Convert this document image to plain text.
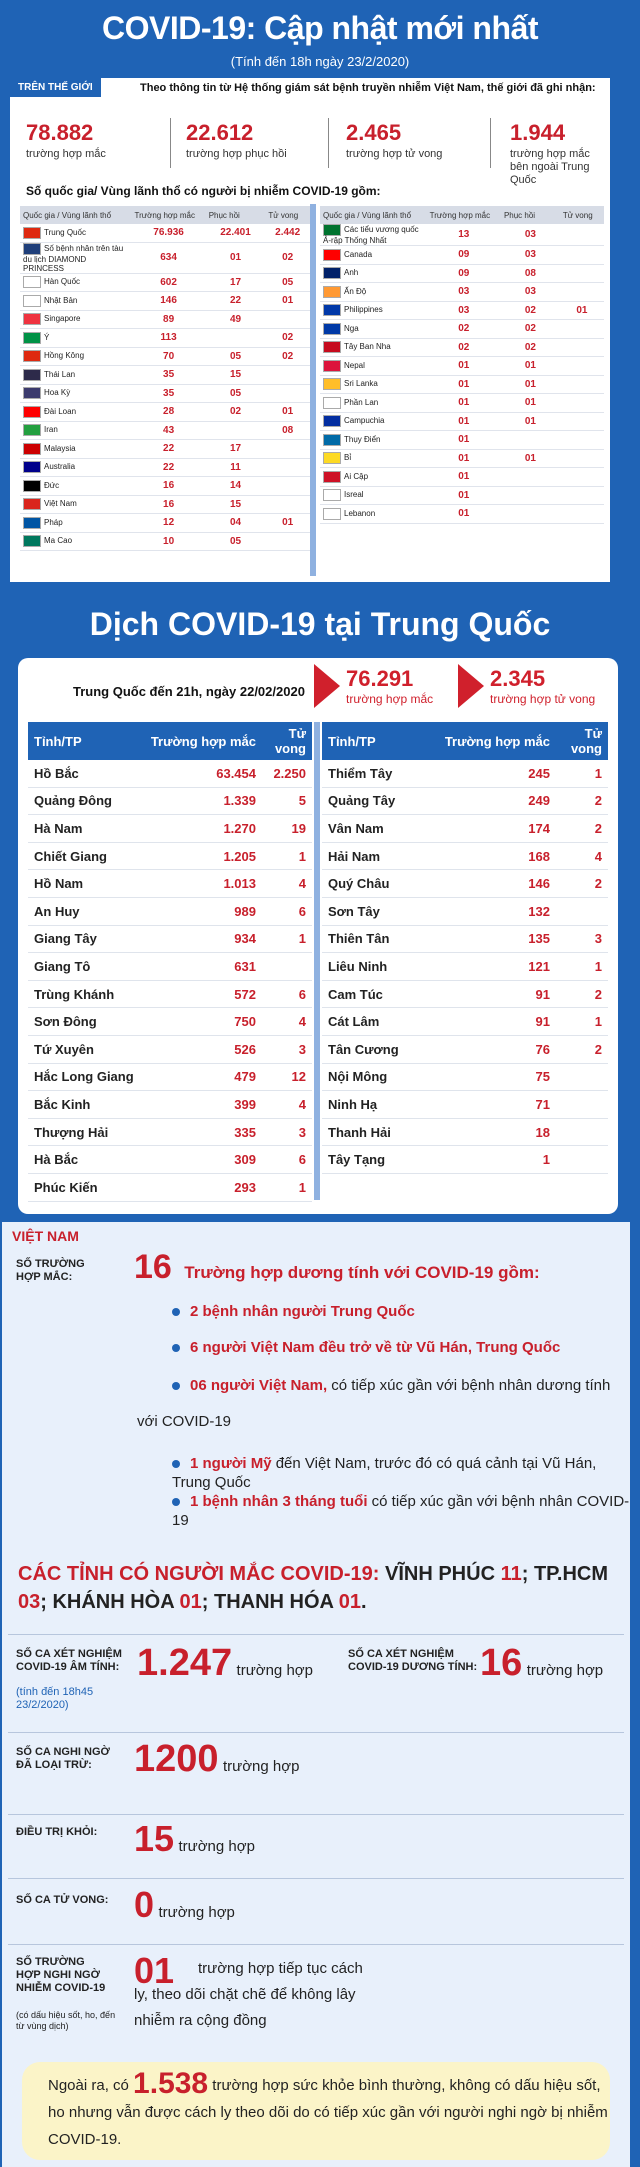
COVID-19: Cập nhật mới nhất
(Tính đến 18h ngày 23/2/2020)
TRÊN THẾ GIỚI	Theo thông tin từ Hệ thống giám sát bệnh truyền nhiễm Việt Nam, thế giới đã ghi nhận:
78.882
trường hợp mắc
22.612
trường hợp phục hồi
2.465
trường hợp tử vong
1.944
trường hợp mắc bên ngoài Trung Quốc
Số quốc gia/ Vùng lãnh thổ có người bị nhiễm COVID-19 gồm:
Quốc gia / Vùng lãnh thổ	Trường hợp mắc	Phục hồi	Tử vong
Trung Quốc	76.936	22.401	2.442
Số bệnh nhân trên tàu du lịch DIAMOND PRINCESS	634	01	02
Hàn Quốc	602	17	05
Nhật Bản	146	22	01
Singapore	89	49	
Ý	113		02
Hồng Kông	70	05	02
Thái Lan	35	15	
Hoa Kỳ	35	05	
Đài Loan	28	02	01
Iran	43		08
Malaysia	22	17	
Australia	22	11	
Đức	16	14	
Việt Nam	16	15	
Pháp	12	04	01
Ma Cao	10	05	
Quốc gia / Vùng lãnh thổ	Trường hợp mắc	Phục hồi	Tử vong
Các tiểu vương quốc Ả-rập Thống Nhất	13	03	
Canada	09	03	
Anh	09	08	
Ấn Độ	03	03	
Philippines	03	02	01
Nga	02	02	
Tây Ban Nha	02	02	
Nepal	01	01	
Sri Lanka	01	01	
Phần Lan	01	01	
Campuchia	01	01	
Thụy Điển	01		
Bỉ	01	01	
Ai Cập	01		
Isreal	01		
Lebanon	01		
Dịch COVID-19 tại Trung Quốc
Trung Quốc đến 21h, ngày 22/02/2020
76.291
trường hợp mắc
2.345
trường hợp tử vong
Tỉnh/TP	Trường hợp mắc	Tử vong
Hồ Bắc	63.454	2.250
Quảng Đông	1.339	5
Hà Nam	1.270	19
Chiết Giang	1.205	1
Hồ Nam	1.013	4
An Huy	989	6
Giang Tây	934	1
Giang Tô	631	
Trùng Khánh	572	6
Sơn Đông	750	4
Tứ Xuyên	526	3
Hắc Long Giang	479	12
Bắc Kinh	399	4
Thượng Hải	335	3
Hà Bắc	309	6
Phúc Kiến	293	1
Tỉnh/TP	Trường hợp mắc	Tử vong
Thiểm Tây	245	1
Quảng Tây	249	2
Vân Nam	174	2
Hải Nam	168	4
Quý Châu	146	2
Sơn Tây	132	
Thiên Tân	135	3
Liêu Ninh	121	1
Cam Túc	91	2
Cát Lâm	91	1
Tân Cương	76	2
Nội Mông	75	
Ninh Hạ	71	
Thanh Hải	18	
Tây Tạng	1	
VIỆT NAM
SỐ TRƯỜNG HỢP MẮC:	16 Trường hợp dương tính với COVID-19 gồm:
2 bệnh nhân người Trung Quốc
6 người Việt Nam đều trở về từ Vũ Hán, Trung Quốc
06 người Việt Nam, có tiếp xúc gần với bệnh nhân dương tính
với COVID-19
1 người Mỹ đến Việt Nam, trước đó có quá cảnh tại Vũ Hán, Trung Quốc
1 bệnh nhân 3 tháng tuổi có tiếp xúc gần với bệnh nhân COVID-19
CÁC TỈNH CÓ NGƯỜI MẮC COVID-19: VĨNH PHÚC 11; TP.HCM 03; KHÁNH HÒA 01; THANH HÓA 01.
SỐ CA XÉT NGHIỆM COVID-19 ÂM TÍNH:
(tính đến 18h45 23/2/2020)
1.247 trường hợp
SỐ CA XÉT NGHIỆM COVID-19 DƯƠNG TÍNH: 16 trường hợp
SỐ CA NGHI NGỜ ĐÃ LOẠI TRỪ:	1200 trường hợp
ĐIỀU TRỊ KHỎI:	15 trường hợp
SỐ CA TỬ VONG: 0 trường hợp
SỐ TRƯỜNG HỢP NGHI NGỜ NHIỄM COVID-19
(có dấu hiệu sốt, ho, đến từ vùng dịch)
01 trường hợp tiếp tục cách
ly, theo dõi chặt chẽ để không lây
nhiễm ra cộng đồng
Ngoài ra, có 1.538 trường hợp sức khỏe bình thường, không có dấu hiệu sốt, ho nhưng vẫn được cách ly theo dõi do có tiếp xúc gần với người nghi ngờ bị nhiễm COVID-19.
